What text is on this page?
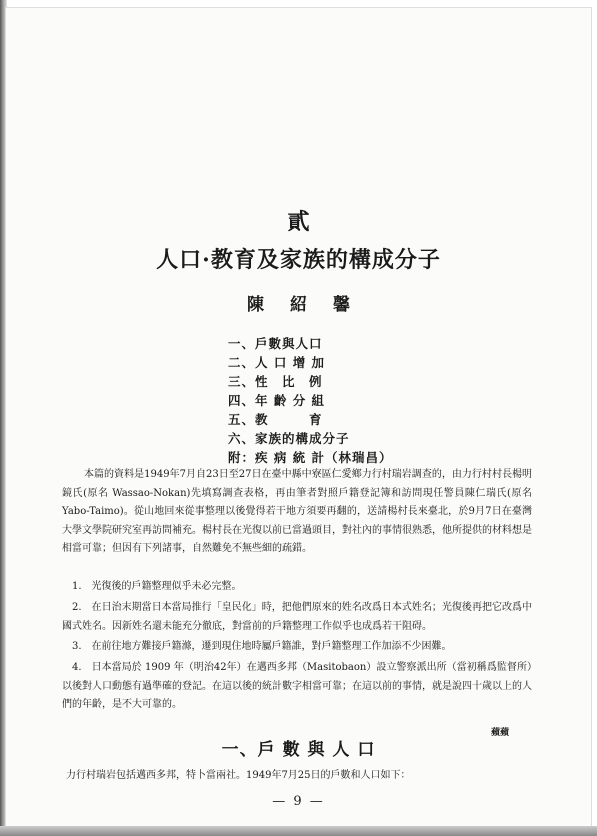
貳
人口·教育及家族的構成分子
陳紹馨
一、戶數與人口
二、人 口 增 加
三、性　比　例
四、年 齡 分 組
五、教　　　育
六、家族的構成分子
附：疾 病 統 計（林瑞昌）
本篇的資料是1949年7月自23日至27日在臺中縣中寮區仁愛鄉力行村瑞岩調查的，由力行村村長楊明鏡氏(原名 Wassao-Nokan)先填寫調查表格，再由筆者對照戶籍登記簿和訪問現任警員陳仁瑞氏(原名 Yabo-Taimo)。從山地回來從事整理以後覺得若干地方須要再翻的，送請楊村長來臺北，於9月7日在臺灣大學文學院研究室再訪問補充。楊村長在光復以前已當過頭目，對社內的事情很熟悉，他所提供的材料想是相當可靠；但因有下列諸事，自然難免不無些細的疏錯。
1.　光復後的戶籍整理似乎未必完整。
2.　在日治末期當日本當局推行「皇民化」時，把他們原來的姓名改爲日本式姓名；光復後再把它改爲中國式姓名。因新姓名還未能充分徹底，對當前的戶籍整理工作似乎也成爲若干阻碍。
3.　在前往地方難接戶籍滌，遷到現住地時屬戶籍誰，對戶籍整理工作加添不少困難。
4.　日本當局於 1909 年（明治42年）在邁西多邦（Masitobaon）設立警察派出所（當初稱爲監督所）以後對人口動態有過準確的登記。在這以後的統計數字相當可靠；在這以前的事情，就是說四十歲以上的人們的年齡，是不大可靠的。
一、戶 數 與 人 口
蘋蘋
力行村瑞岩包括邁西多邦，特卜當兩社。1949年7月25日的戶數和人口如下：
— 9 —
